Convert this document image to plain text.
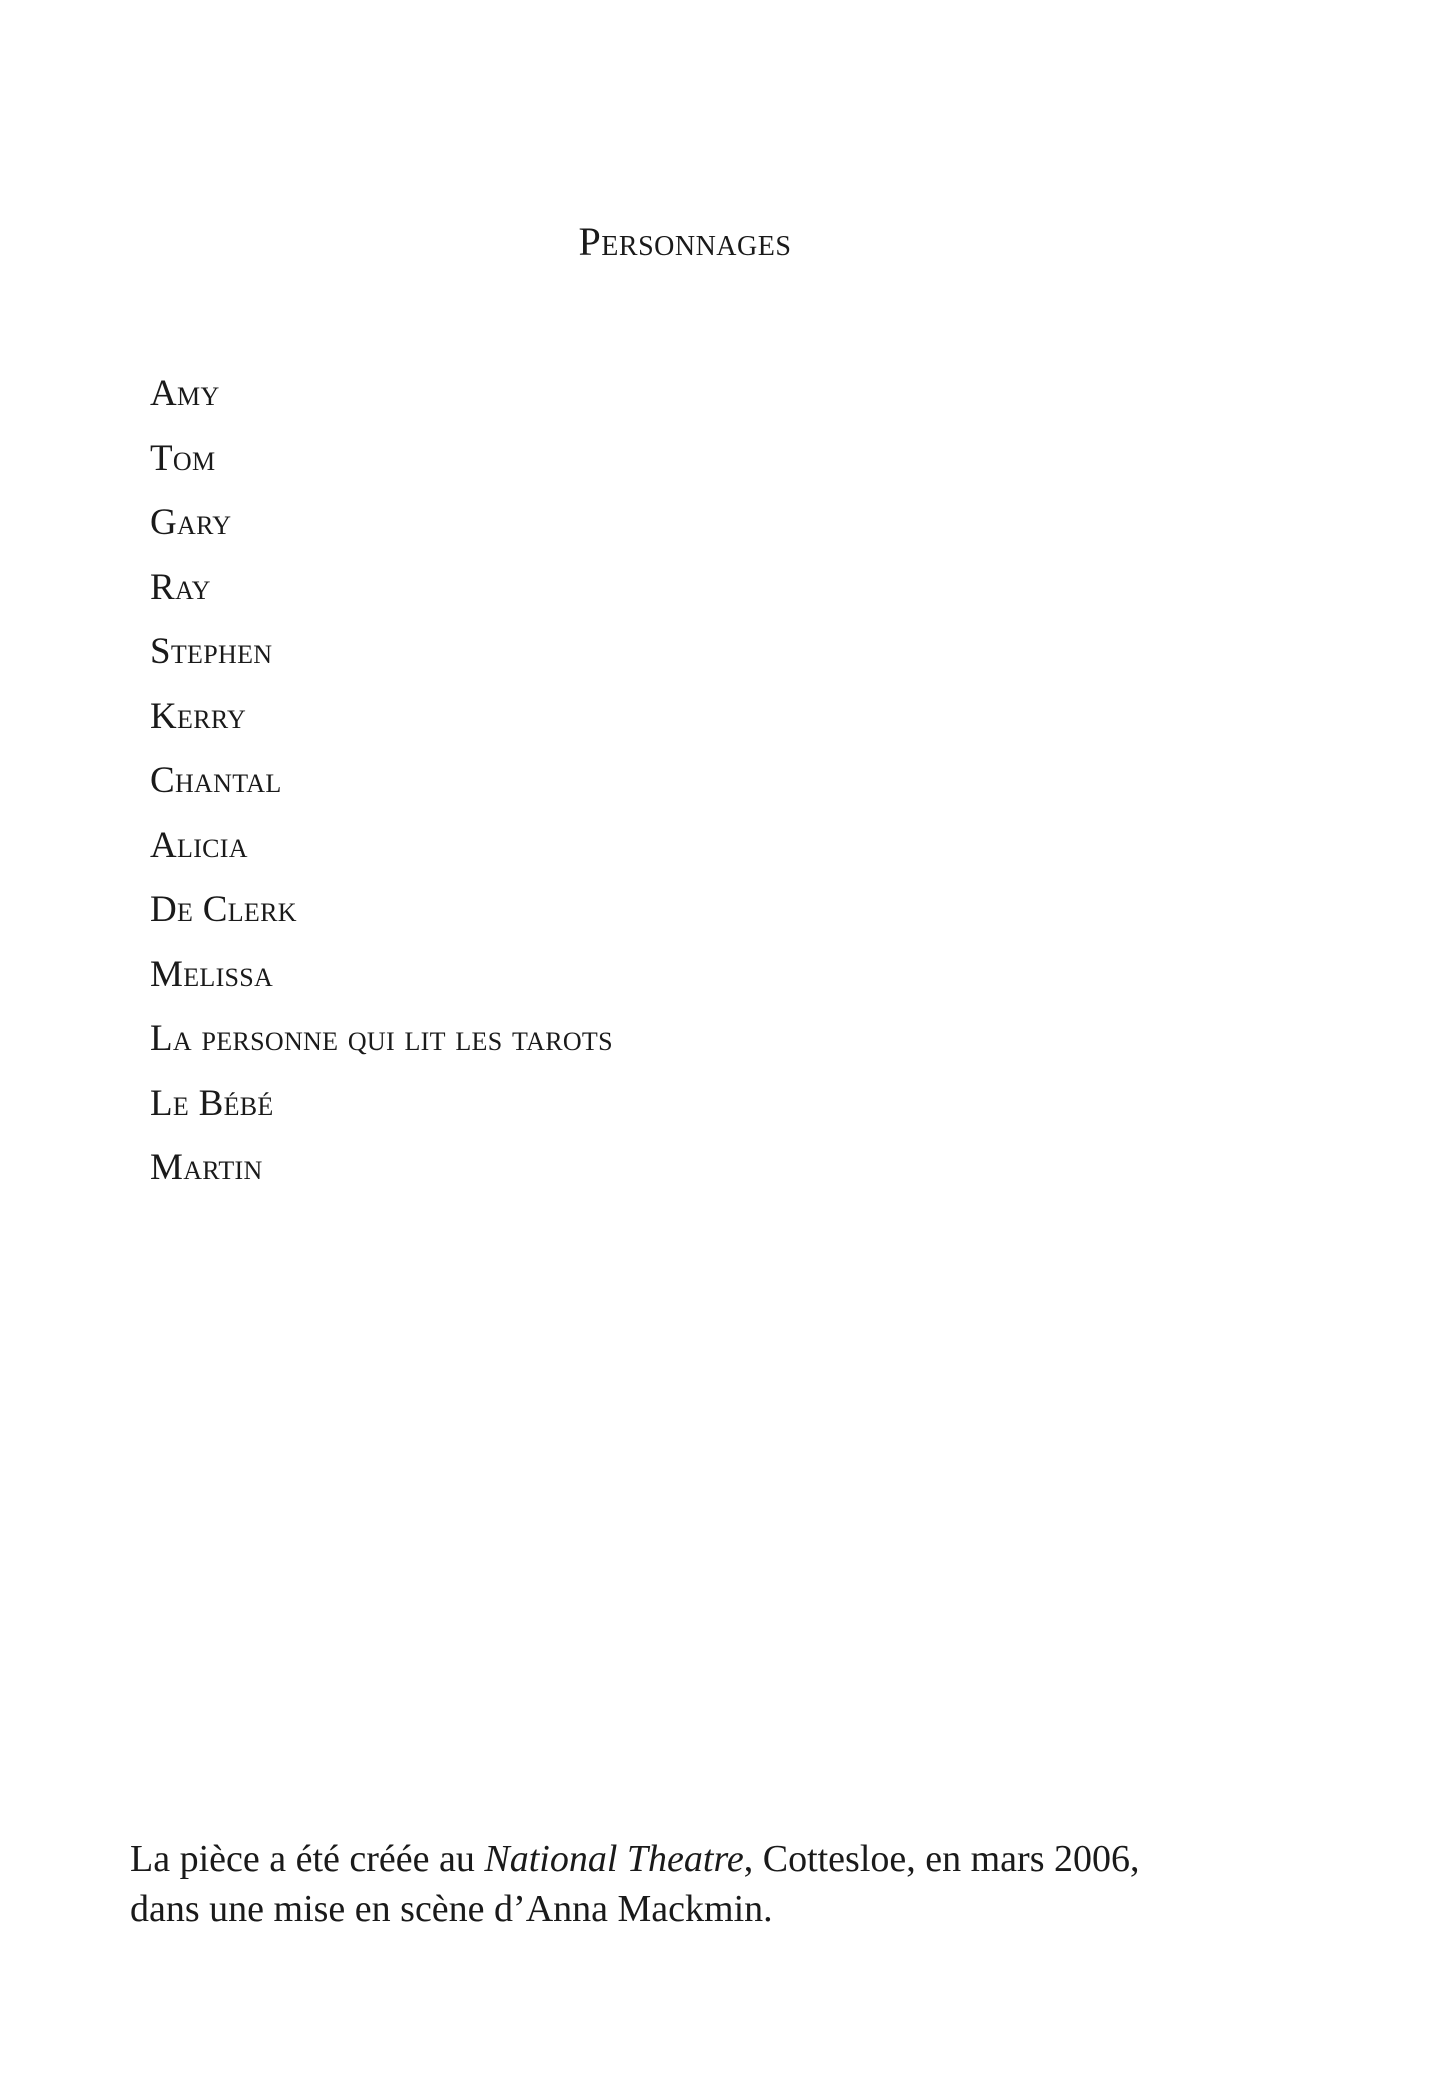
Personnages
Amy
Tom
Gary
Ray
Stephen
Kerry
Chantal
Alicia
De Clerk
Melissa
La personne qui lit les tarots
Le Bébé
Martin

La pièce a été créée au National Theatre, Cottesloe, en mars 2006,
dans une mise en scène d’Anna Mackmin.
